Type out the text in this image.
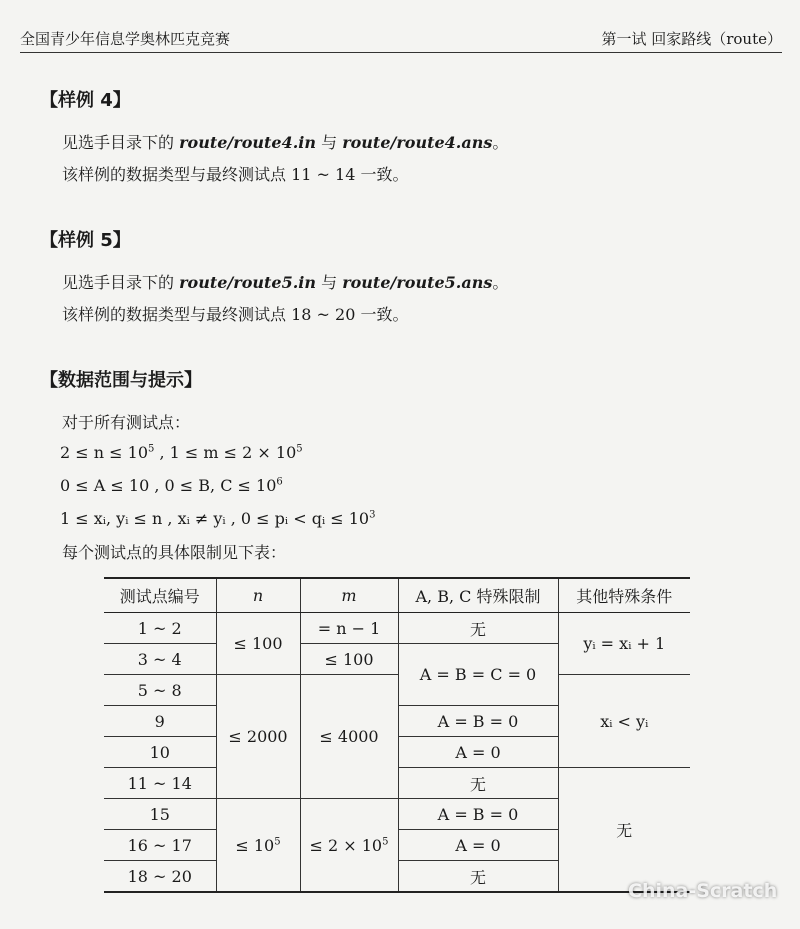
全国青少年信息学奥林匹克竞赛	第一试 回家路线（route）
【样例 4】
见选手目录下的 route/route4.in 与 route/route4.ans。
该样例的数据类型与最终测试点 11 ~ 14 一致。
【样例 5】
见选手目录下的 route/route5.in 与 route/route5.ans。
该样例的数据类型与最终测试点 18 ~ 20 一致。
【数据范围与提示】
对于所有测试点：
$2 \le n \le 10^5$ , $1 \le m \le 2 \times 10^5$
0 ≤ A ≤ 10 , 0 ≤ B, $C \le 10^6$
1 ≤ xᵢ, yᵢ ≤ n , xᵢ ≠ yᵢ , 0 ≤ pᵢ < qᵢ ≤ $10^3$
每个测试点的具体限制见下表：
测试点编号	n	m	A, B, C 特殊限制	其他特殊条件
1 ~ 2	≤ 100	= n − 1	无	yᵢ = xᵢ + 1
3 ~ 4		≤ 100	A = B = C = 0	
5 ~ 8	≤ 2000	≤ 4000		xᵢ < yᵢ
9			A = B = 0	
10			A = 0	
11 ~ 14			无	无
15	≤ $10^5$	≤ $2 \times 10^5$	A = B = 0	
16 ~ 17			A = 0	
18 ~ 20			无	
China-Scratch
